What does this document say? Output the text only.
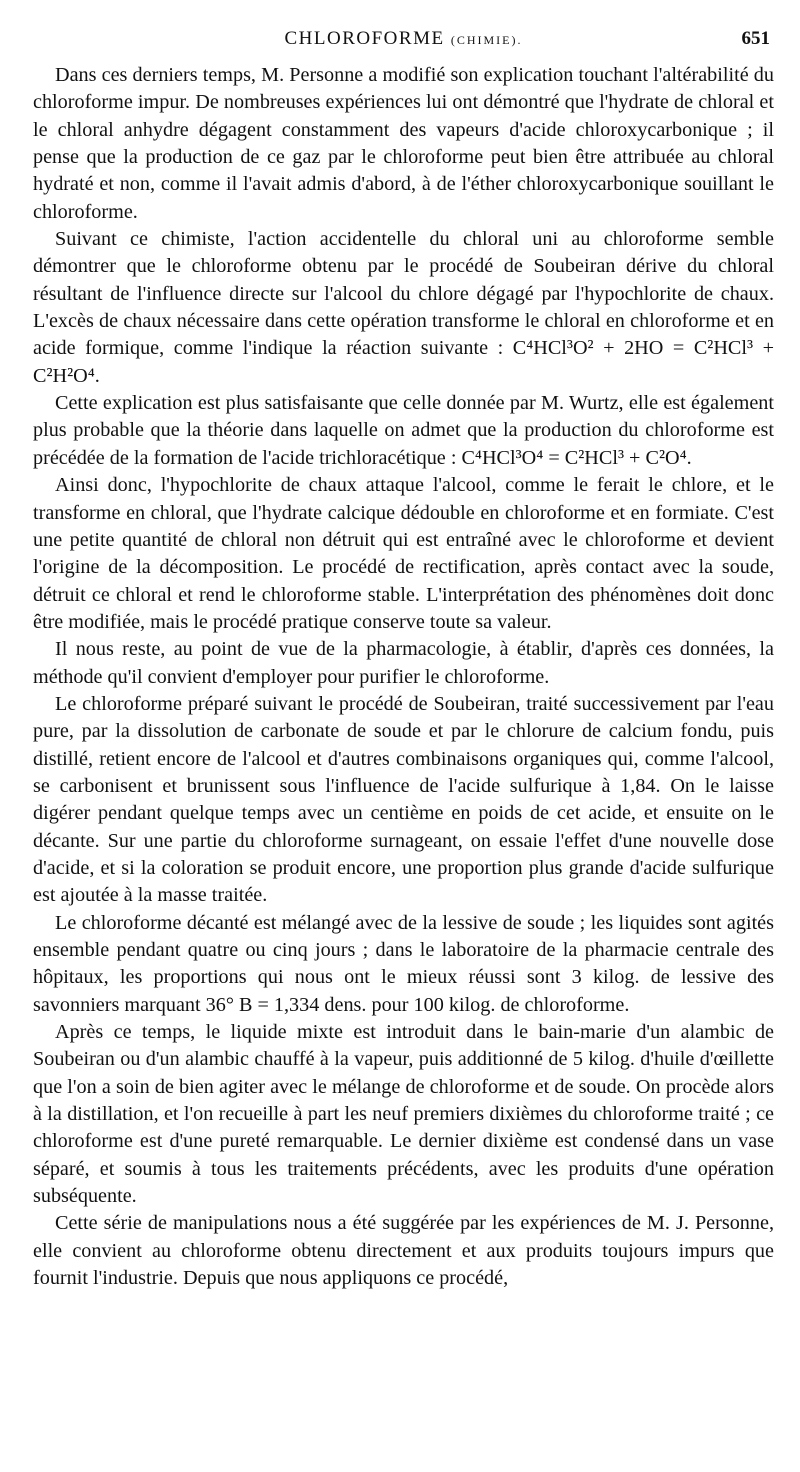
CHLOROFORME (CHIMIE).	651

Dans ces derniers temps, M. Personne a modifié son explication touchant l'altérabilité du chloroforme impur. De nombreuses expériences lui ont démontré que l'hydrate de chloral et le chloral anhydre dégagent constamment des vapeurs d'acide chloroxycarbonique ; il pense que la production de ce gaz par le chloroforme peut bien être attribuée au chloral hydraté et non, comme il l'avait admis d'abord, à de l'éther chloroxycarbonique souillant le chloroforme.

Suivant ce chimiste, l'action accidentelle du chloral uni au chloroforme semble démontrer que le chloroforme obtenu par le procédé de Soubeiran dérive du chloral résultant de l'influence directe sur l'alcool du chlore dégagé par l'hypochlorite de chaux. L'excès de chaux nécessaire dans cette opération transforme le chloral en chloroforme et en acide formique, comme l'indique la réaction suivante : C⁴HCl³O² + 2HO = C²HCl³ + C²H²O⁴.

Cette explication est plus satisfaisante que celle donnée par M. Wurtz, elle est également plus probable que la théorie dans laquelle on admet que la production du chloroforme est précédée de la formation de l'acide trichloracétique : C⁴HCl³O⁴ = C²HCl³ + C²O⁴.

Ainsi donc, l'hypochlorite de chaux attaque l'alcool, comme le ferait le chlore, et le transforme en chloral, que l'hydrate calcique dédouble en chloroforme et en formiate. C'est une petite quantité de chloral non détruit qui est entraîné avec le chloroforme et devient l'origine de la décomposition. Le procédé de rectification, après contact avec la soude, détruit ce chloral et rend le chloroforme stable. L'interprétation des phénomènes doit donc être modifiée, mais le procédé pratique conserve toute sa valeur.

Il nous reste, au point de vue de la pharmacologie, à établir, d'après ces données, la méthode qu'il convient d'employer pour purifier le chloroforme.

Le chloroforme préparé suivant le procédé de Soubeiran, traité successivement par l'eau pure, par la dissolution de carbonate de soude et par le chlorure de calcium fondu, puis distillé, retient encore de l'alcool et d'autres combinaisons organiques qui, comme l'alcool, se carbonisent et brunissent sous l'influence de l'acide sulfurique à 1,84. On le laisse digérer pendant quelque temps avec un centième en poids de cet acide, et ensuite on le décante. Sur une partie du chloroforme surnageant, on essaie l'effet d'une nouvelle dose d'acide, et si la coloration se produit encore, une proportion plus grande d'acide sulfurique est ajoutée à la masse traitée.

Le chloroforme décanté est mélangé avec de la lessive de soude ; les liquides sont agités ensemble pendant quatre ou cinq jours ; dans le laboratoire de la pharmacie centrale des hôpitaux, les proportions qui nous ont le mieux réussi sont 3 kilog. de lessive des savonniers marquant 36° B = 1,334 dens. pour 100 kilog. de chloroforme.

Après ce temps, le liquide mixte est introduit dans le bain-marie d'un alambic de Soubeiran ou d'un alambic chauffé à la vapeur, puis additionné de 5 kilog. d'huile d'œillette que l'on a soin de bien agiter avec le mélange de chloroforme et de soude. On procède alors à la distillation, et l'on recueille à part les neuf premiers dixièmes du chloroforme traité ; ce chloroforme est d'une pureté remarquable. Le dernier dixième est condensé dans un vase séparé, et soumis à tous les traitements précédents, avec les produits d'une opération subséquente.

Cette série de manipulations nous a été suggérée par les expériences de M. J. Personne, elle convient au chloroforme obtenu directement et aux produits toujours impurs que fournit l'industrie. Depuis que nous appliquons ce procédé,
